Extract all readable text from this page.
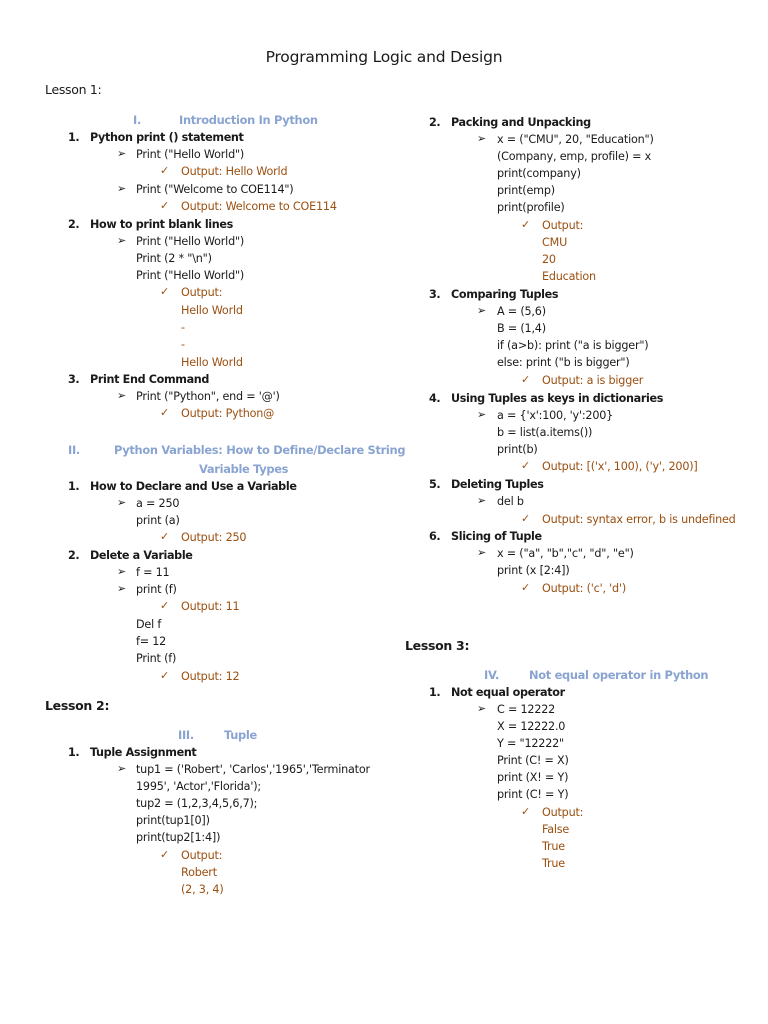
Programming Logic and Design
Lesson 1:
I.	Introduction In Python
Python print () statement
1.
➢ Print ("Hello World")
✓ Output: Hello World
➢ Print ("Welcome to COE114")
✓ Output: Welcome to COE114
2. How to print blank lines
➢ Print ("Hello World")
Print (2 * "\n")
Print ("Hello World")
✓ Output:
Hello World
-
-
Hello World
3. Print End Command
➢ Print ("Python", end = '@')
✓ Output: Python@
II.	Python Variables: How to Define/Declare String
Variable Types
1. How to Declare and Use a Variable
➢ a = 250
print (a)
✓ Output: 250
2. Delete a Variable
➢ f = 11
➢ print (f)
✓ Output: 11
Del f
f= 12
Print (f)
✓ Output: 12
Lesson 2:
III.	Tuple
1. Tuple Assignment
➢ tup1 = ('Robert', 'Carlos','1965','Terminator
1995', 'Actor','Florida');
tup2 = (1,2,3,4,5,6,7);
print(tup1[0])
print(tup2[1:4])
✓ Output:
Robert
(2, 3, 4)
2. Packing and Unpacking
➢ x = ("CMU", 20, "Education")
(Company, emp, profile) = x
print(company)
print(emp)
print(profile)
✓ Output:
CMU
20
Education
3. Comparing Tuples
➢ A = (5,6)
B = (1,4)
if (a>b): print ("a is bigger")
else: print ("b is bigger")
✓ Output: a is bigger
4. Using Tuples as keys in dictionaries
➢ a = {'x':100, 'y':200}
b = list(a.items())
print(b)
✓ Output: [('x', 100), ('y', 200)]
5. Deleting Tuples
➢ del b
✓ Output: syntax error, b is undefined
6. Slicing of Tuple
➢ x = ("a", "b","c", "d", "e")
print (x [2:4])
✓ Output: ('c', 'd')
Lesson 3:
IV.	Not equal operator in Python
1. Not equal operator
➢ C = 12222
X = 12222.0
Y = "12222"
Print (C! = X)
print (X! = Y)
print (C! = Y)
✓ Output:
False
True
True
